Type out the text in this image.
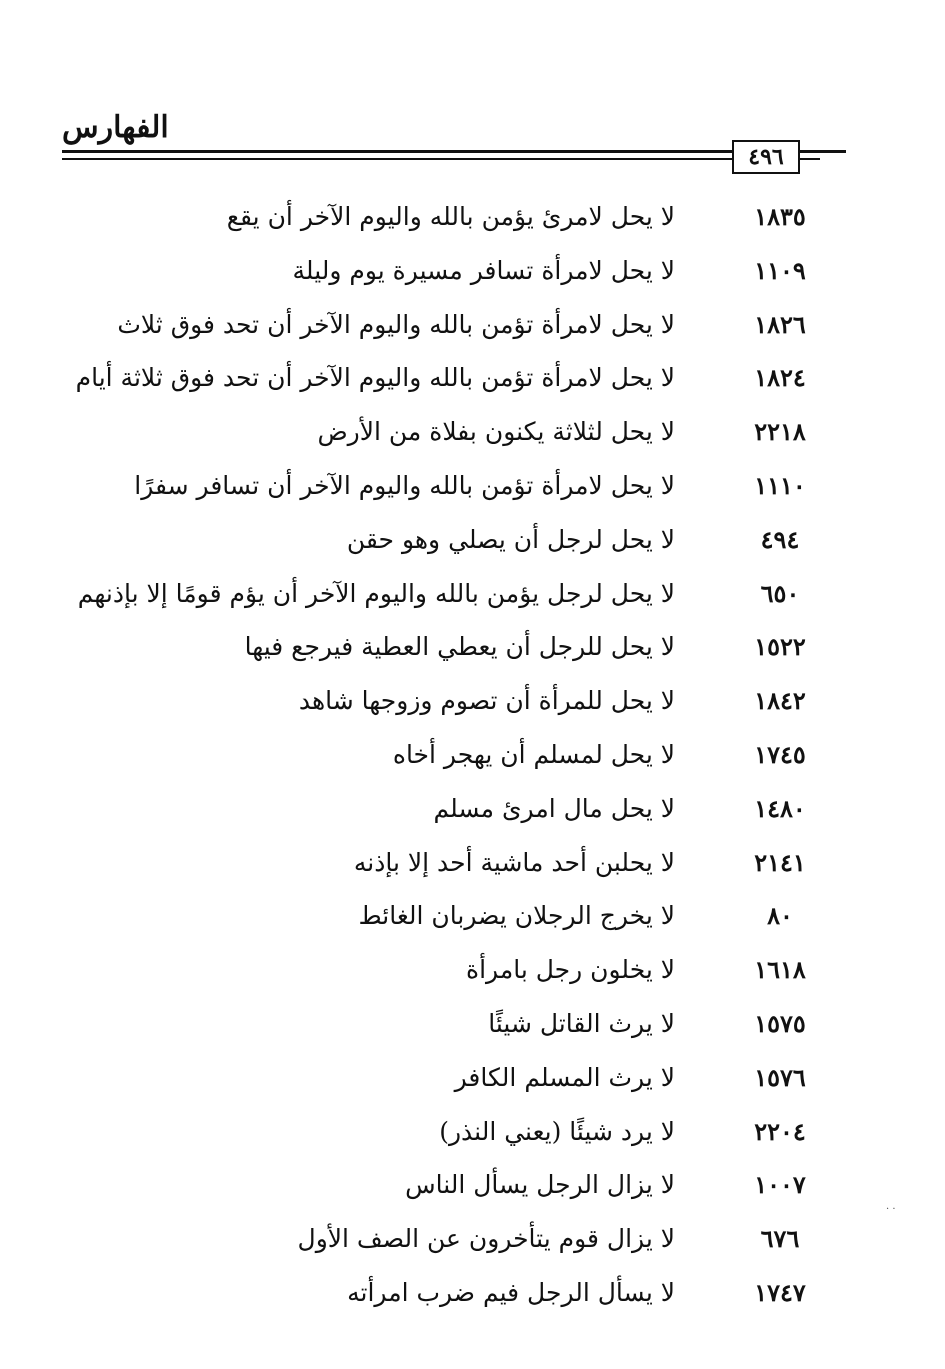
الفهارس
٤٩٦
١٨٣٥
لا يحل لامرئ يؤمن بالله واليوم الآخر أن يقع
١١٠٩
لا يحل لامرأة تسافر مسيرة يوم وليلة
١٨٢٦
لا يحل لامرأة تؤمن بالله واليوم الآخر أن تحد فوق ثلاث
١٨٢٤
لا يحل لامرأة تؤمن بالله واليوم الآخر أن تحد فوق ثلاثة أيام
٢٢١٨
لا يحل لثلاثة يكنون بفلاة من الأرض
١١١٠
لا يحل لامرأة تؤمن بالله واليوم الآخر أن تسافر سفرًا
٤٩٤
لا يحل لرجل أن يصلي وهو حقن
٦٥٠
لا يحل لرجل يؤمن بالله واليوم الآخر أن يؤم قومًا إلا بإذنهم
١٥٢٢
لا يحل للرجل أن يعطي العطية فيرجع فيها
١٨٤٢
لا يحل للمرأة أن تصوم وزوجها شاهد
١٧٤٥
لا يحل لمسلم أن يهجر أخاه
١٤٨٠
لا يحل مال امرئ مسلم
٢١٤١
لا يحلبن أحد ماشية أحد إلا بإذنه
٨٠
لا يخرج الرجلان يضربان الغائط
١٦١٨
لا يخلون رجل بامرأة
١٥٧٥
لا يرث القاتل شيئًا
١٥٧٦
لا يرث المسلم الكافر
٢٢٠٤
لا يرد شيئًا (يعني النذر)
١٠٠٧
لا يزال الرجل يسأل الناس
٦٧٦
لا يزال قوم يتأخرون عن الصف الأول
١٧٤٧
لا يسأل الرجل فيم ضرب امرأته
· ·
